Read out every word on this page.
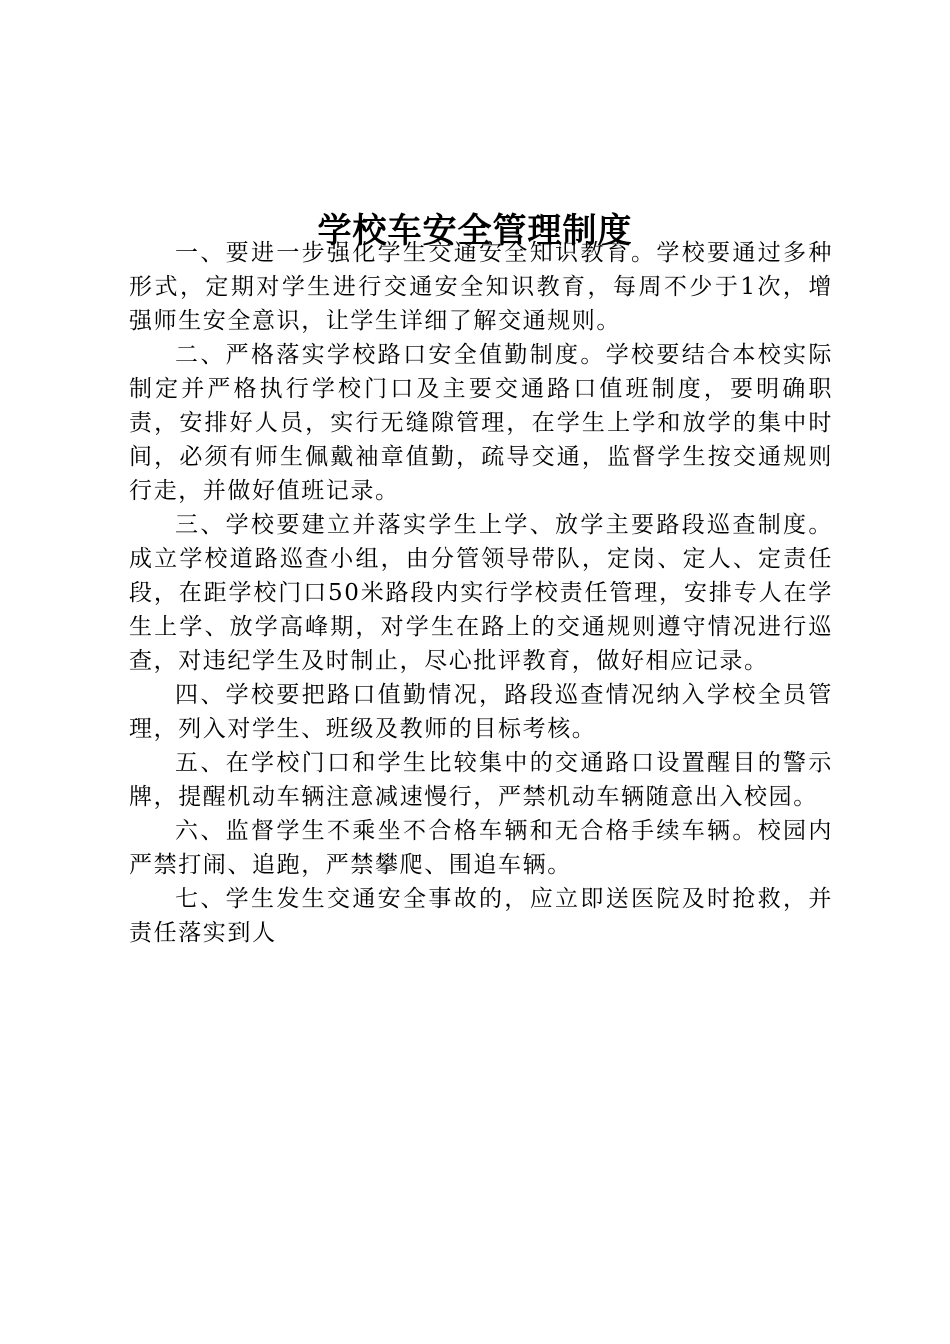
学校车安全管理制度

一、要进一步强化学生交通安全知识教育。学校要通过多种形式，定期对学生进行交通安全知识教育，每周不少于1次，增强师生安全意识，让学生详细了解交通规则。

二、严格落实学校路口安全值勤制度。学校要结合本校实际制定并严格执行学校门口及主要交通路口值班制度，要明确职责，安排好人员，实行无缝隙管理，在学生上学和放学的集中时间，必须有师生佩戴袖章值勤，疏导交通，监督学生按交通规则行走，并做好值班记录。

三、学校要建立并落实学生上学、放学主要路段巡查制度。成立学校道路巡查小组，由分管领导带队，定岗、定人、定责任段，在距学校门口50米路段内实行学校责任管理，安排专人在学生上学、放学高峰期，对学生在路上的交通规则遵守情况进行巡查，对违纪学生及时制止，尽心批评教育，做好相应记录。

四、学校要把路口值勤情况，路段巡查情况纳入学校全员管理，列入对学生、班级及教师的目标考核。

五、在学校门口和学生比较集中的交通路口设置醒目的警示牌，提醒机动车辆注意减速慢行，严禁机动车辆随意出入校园。

六、监督学生不乘坐不合格车辆和无合格手续车辆。校园内严禁打闹、追跑，严禁攀爬、围追车辆。

七、学生发生交通安全事故的，应立即送医院及时抢救，并责任落实到人
